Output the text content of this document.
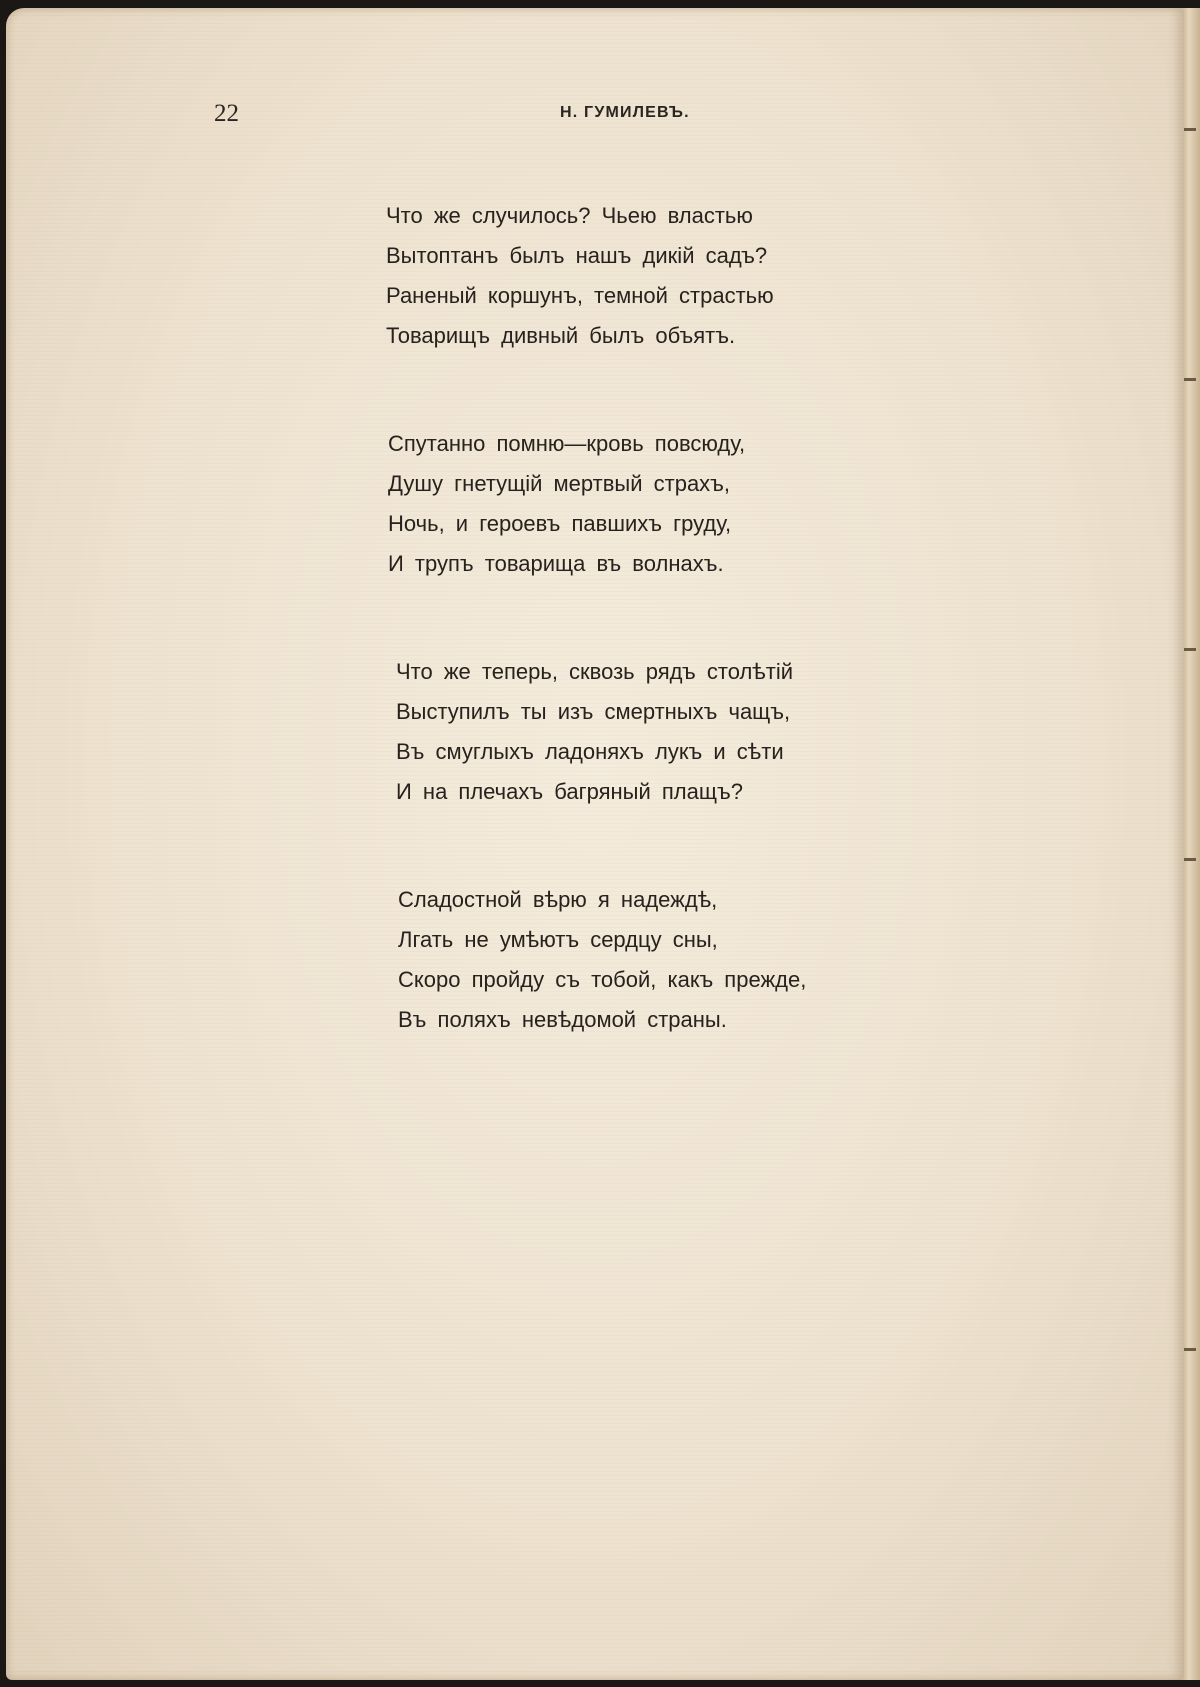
22	Н. ГУМИЛЕВЪ.
Что же случилось? Чьею властью
Вытоптанъ былъ нашъ дикiй садъ?
Раненый коршунъ, темной страстью
Товарищъ дивный былъ объятъ.
Спутанно помню—кровь повсюду,
Душу гнетущiй мертвый страхъ,
Ночь, и героевъ павшихъ груду,
И трупъ товарища въ волнахъ.
Что же теперь, сквозь рядъ столѣтiй
Выступилъ ты изъ смертныхъ чащъ,
Въ смуглыхъ ладоняхъ лукъ и сѣти
И на плечахъ багряный плащъ?
Сладостной вѣрю я надеждѣ,
Лгать не умѣютъ сердцу сны,
Скоро пройду съ тобой, какъ прежде,
Въ поляхъ невѣдомой страны.
